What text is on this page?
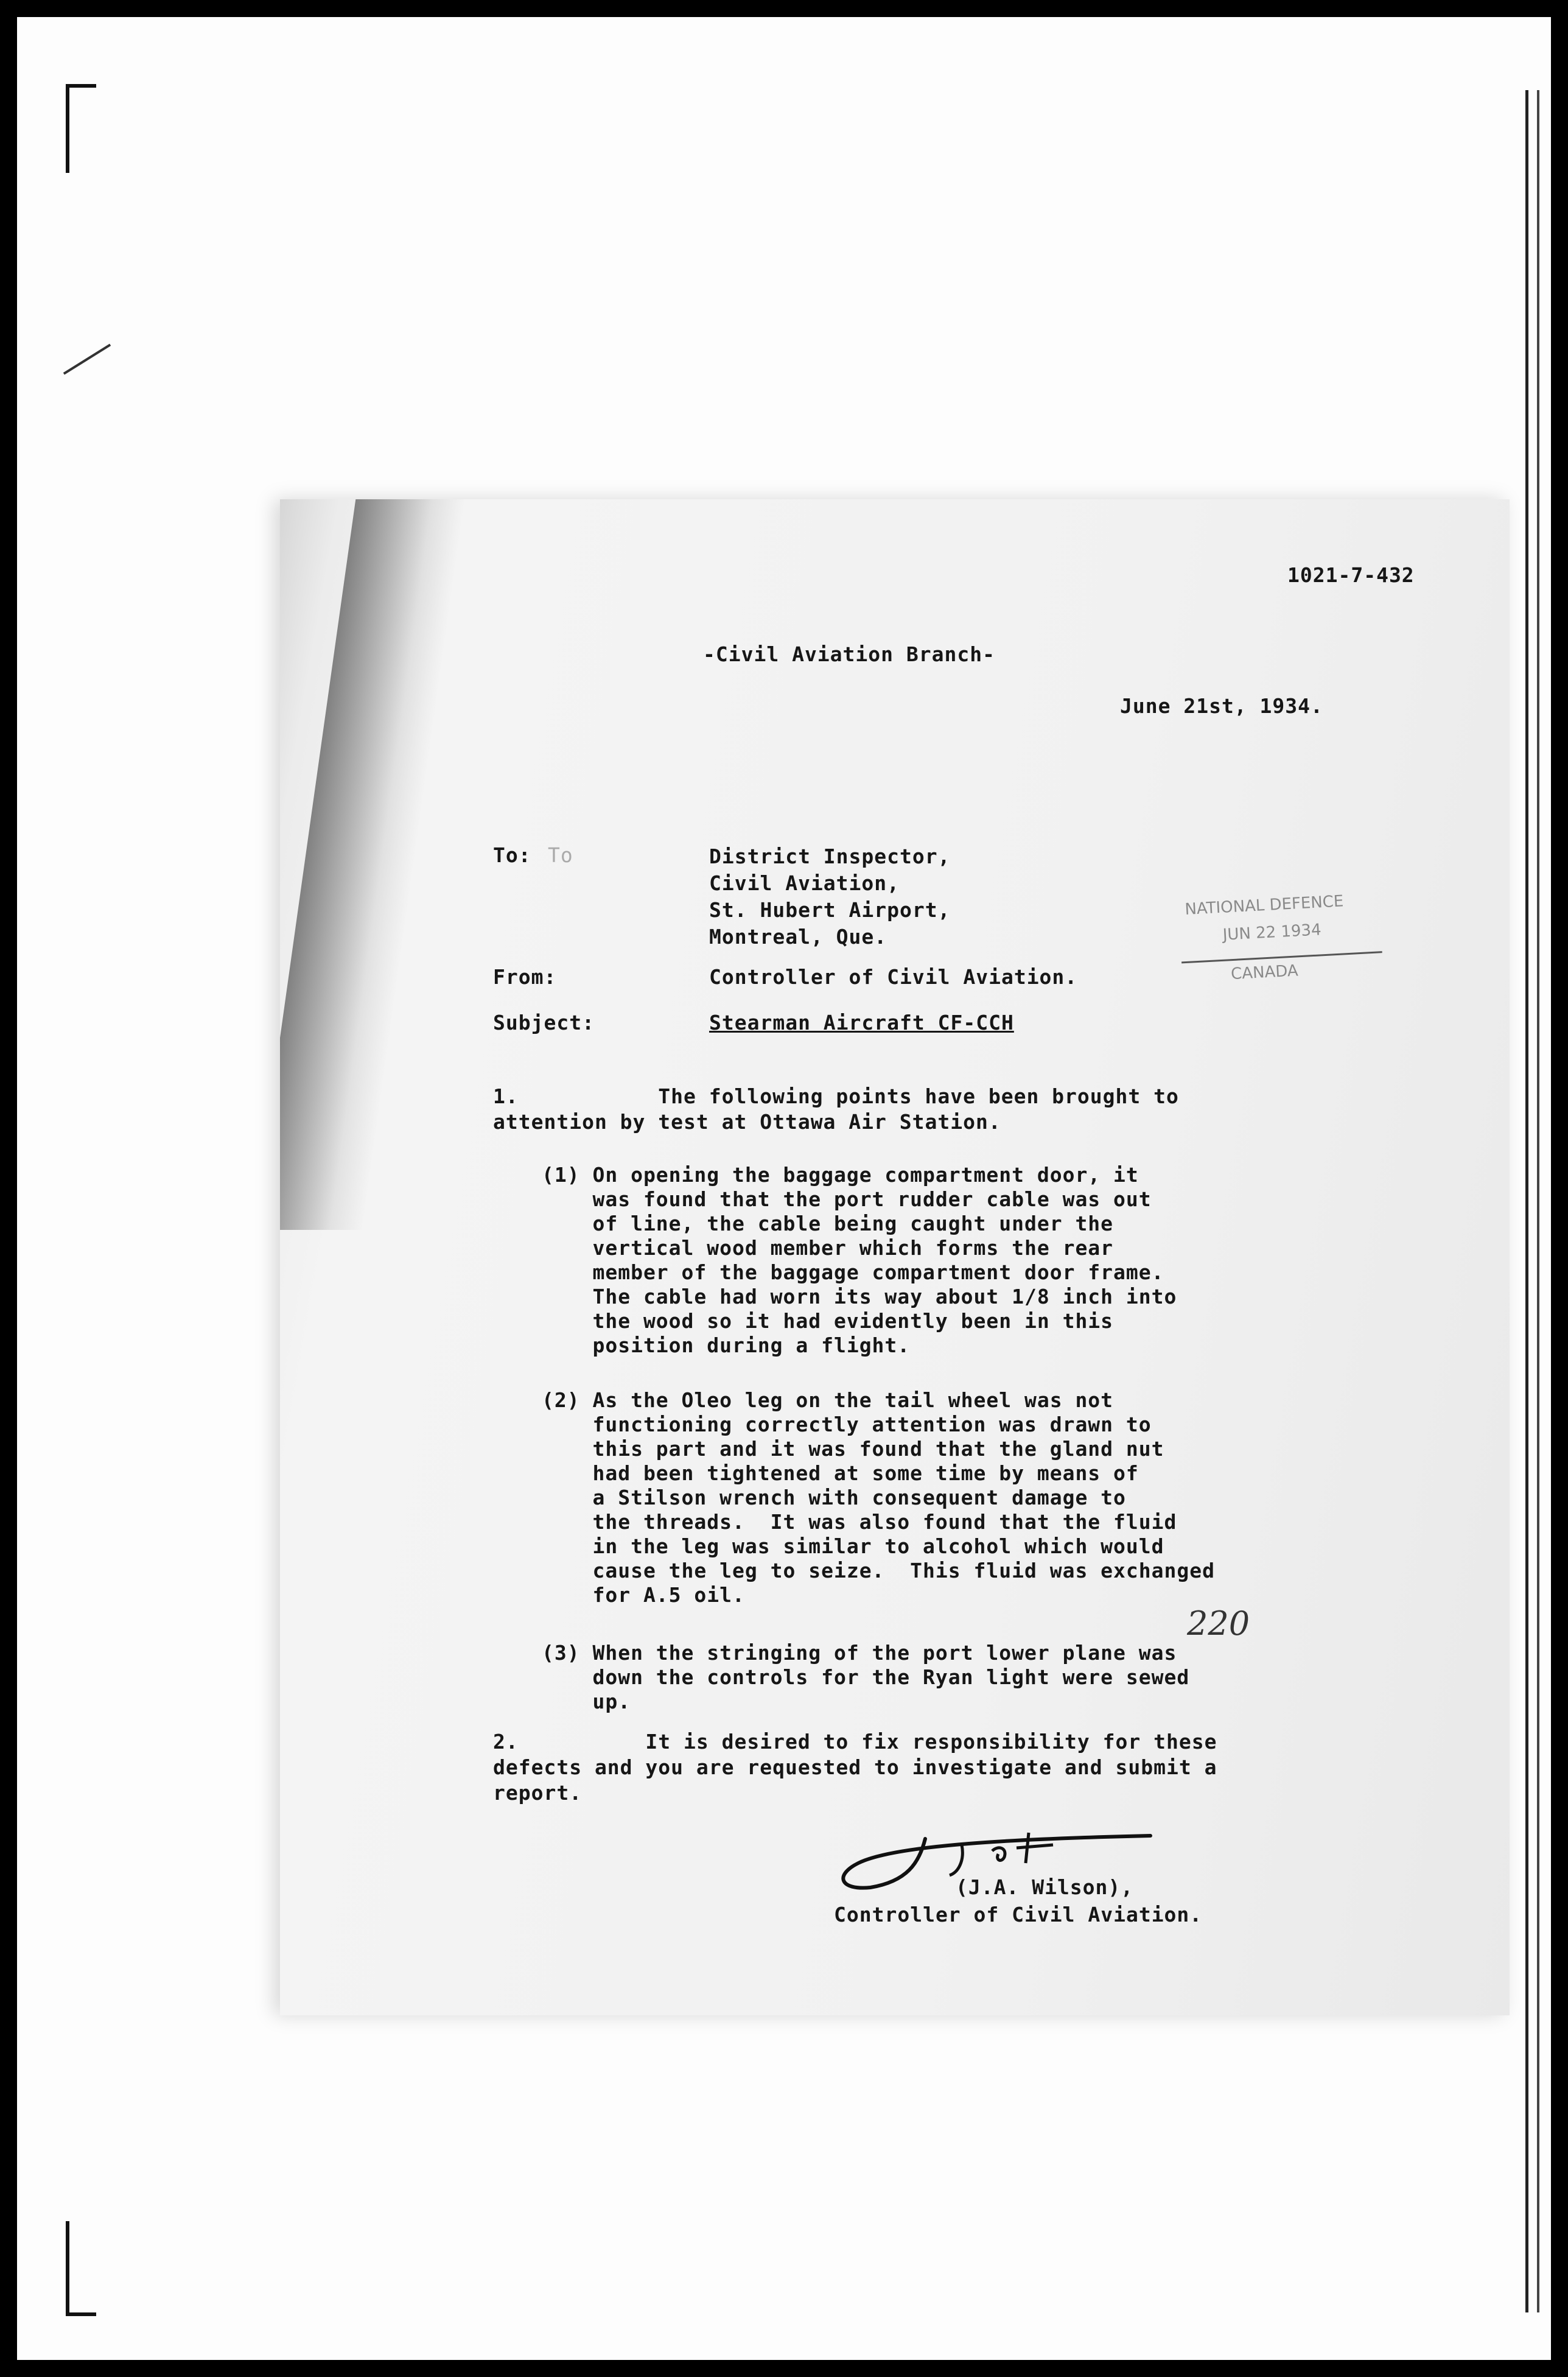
1021-7-432
-Civil Aviation Branch-
June 21st, 1934.
To: To	District Inspector,
Civil Aviation,
St. Hubert Airport,
Montreal, Que.
NATIONAL DEFENCE
JUN 22 1934
CANADA
From:	Controller of Civil Aviation.
Subject:	Stearman Aircraft CF-CCH
1.           The following points have been brought to
attention by test at Ottawa Air Station.
(1) On opening the baggage compartment door, it
was found that the port rudder cable was out
of line, the cable being caught under the
vertical wood member which forms the rear
member of the baggage compartment door frame.
The cable had worn its way about 1/8 inch into
the wood so it had evidently been in this
position during a flight.
(2) As the Oleo leg on the tail wheel was not
functioning correctly attention was drawn to
this part and it was found that the gland nut
had been tightened at some time by means of
a Stilson wrench with consequent damage to
the threads.  It was also found that the fluid
in the leg was similar to alcohol which would
cause the leg to seize.  This fluid was exchanged
for A.5 oil.
220
(3) When the stringing of the port lower plane was
down the controls for the Ryan light were sewed
up.
2.          It is desired to fix responsibility for these
defects and you are requested to investigate and submit a
report.
(J.A. Wilson),
Controller of Civil Aviation.
